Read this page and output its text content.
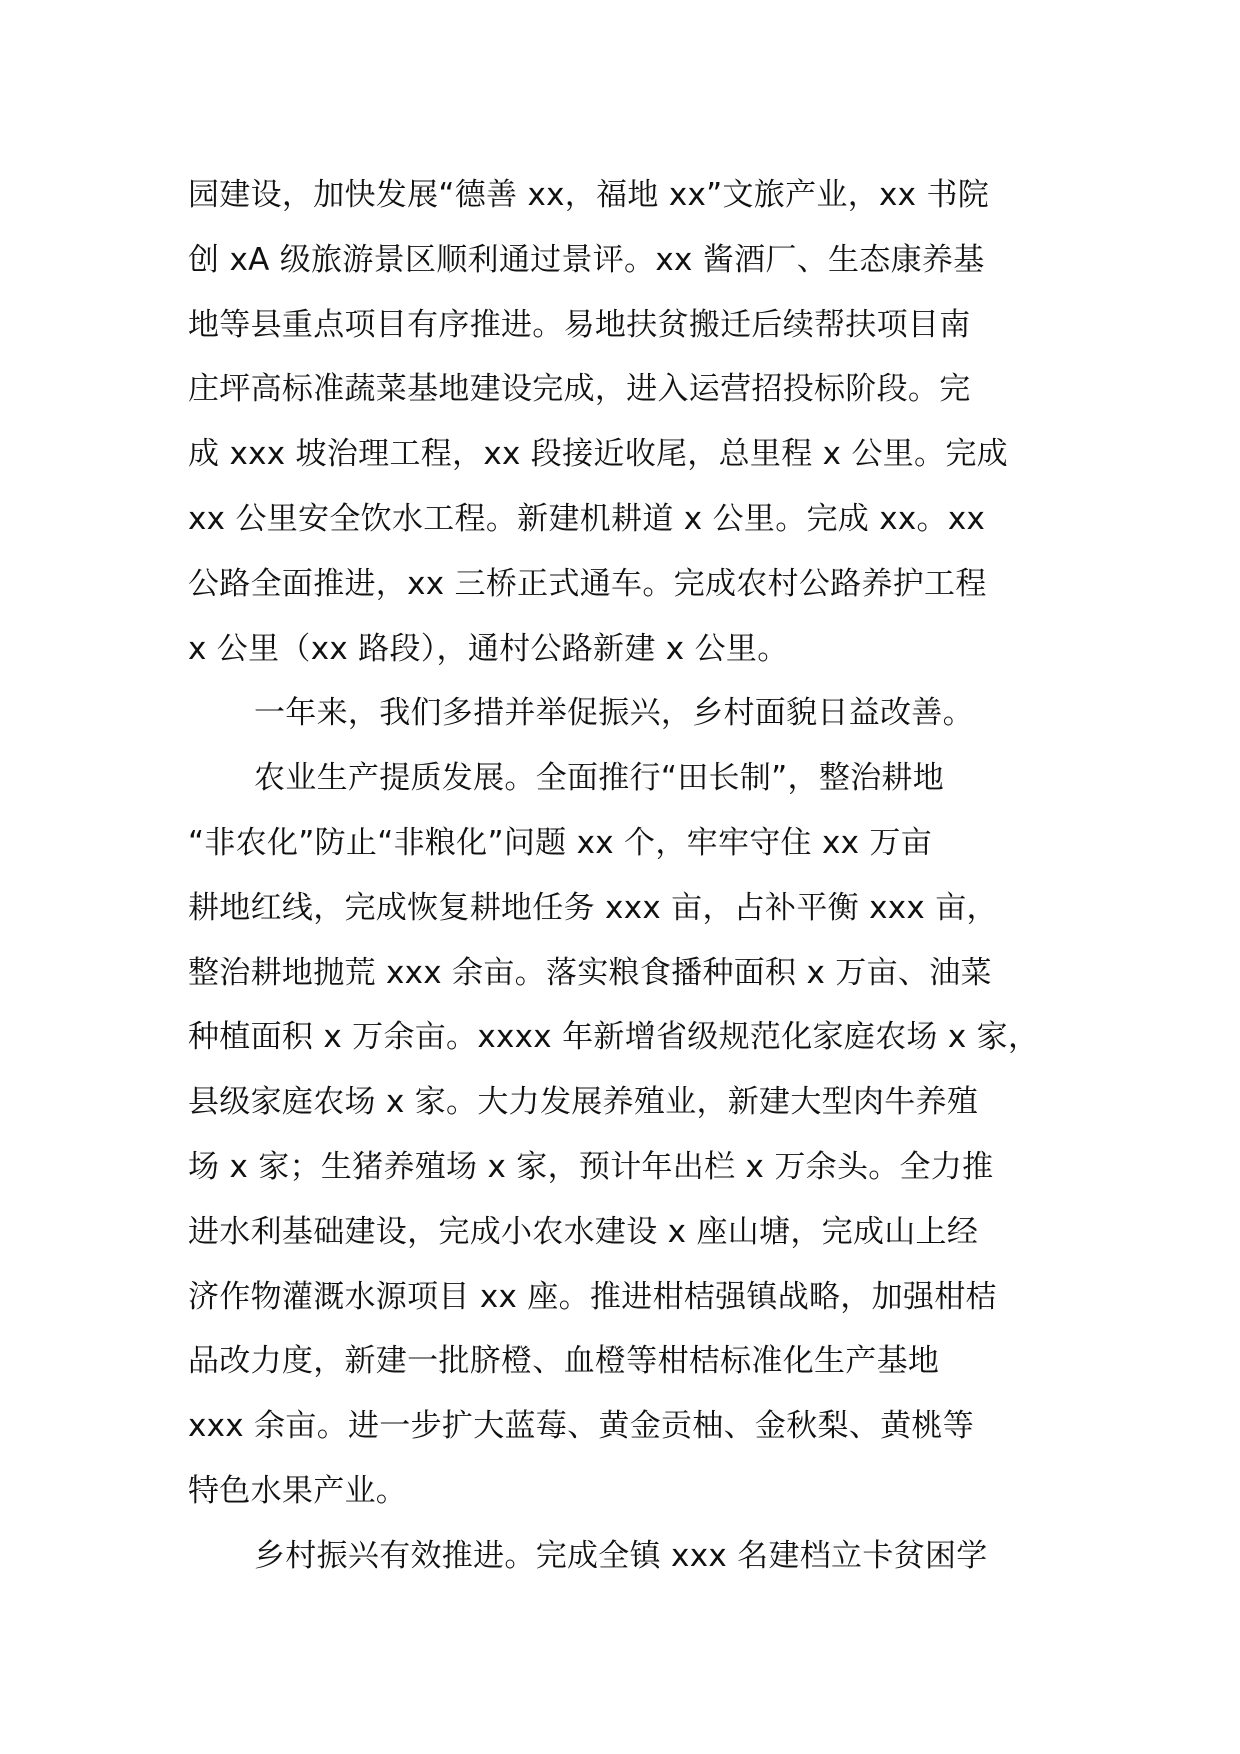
园建设，加快发展“德善 xx，福地 xx”文旅产业，xx 书院
创 xA 级旅游景区顺利通过景评。xx 酱酒厂、生态康养基
地等县重点项目有序推进。易地扶贫搬迁后续帮扶项目南
庄坪高标准蔬菜基地建设完成，进入运营招投标阶段。完
成 xxx 坡治理工程，xx 段接近收尾，总里程 x 公里。完成
xx 公里安全饮水工程。新建机耕道 x 公里。完成 xx。xx
公路全面推进，xx 三桥正式通车。完成农村公路养护工程
x 公里（xx 路段），通村公路新建 x 公里。
一年来，我们多措并举促振兴，乡村面貌日益改善。
农业生产提质发展。全面推行“田长制”，整治耕地
“非农化”防止“非粮化”问题 xx 个，牢牢守住 xx 万亩
耕地红线，完成恢复耕地任务 xxx 亩，占补平衡 xxx 亩，
整治耕地抛荒 xxx 余亩。落实粮食播种面积 x 万亩、油菜
种植面积 x 万余亩。xxxx 年新增省级规范化家庭农场 x 家，
县级家庭农场 x 家。大力发展养殖业，新建大型肉牛养殖
场 x 家；生猪养殖场 x 家，预计年出栏 x 万余头。全力推
进水利基础建设，完成小农水建设 x 座山塘，完成山上经
济作物灌溉水源项目 xx 座。推进柑桔强镇战略，加强柑桔
品改力度，新建一批脐橙、血橙等柑桔标准化生产基地
xxx 余亩。进一步扩大蓝莓、黄金贡柚、金秋梨、黄桃等
特色水果产业。
乡村振兴有效推进。完成全镇 xxx 名建档立卡贫困学
